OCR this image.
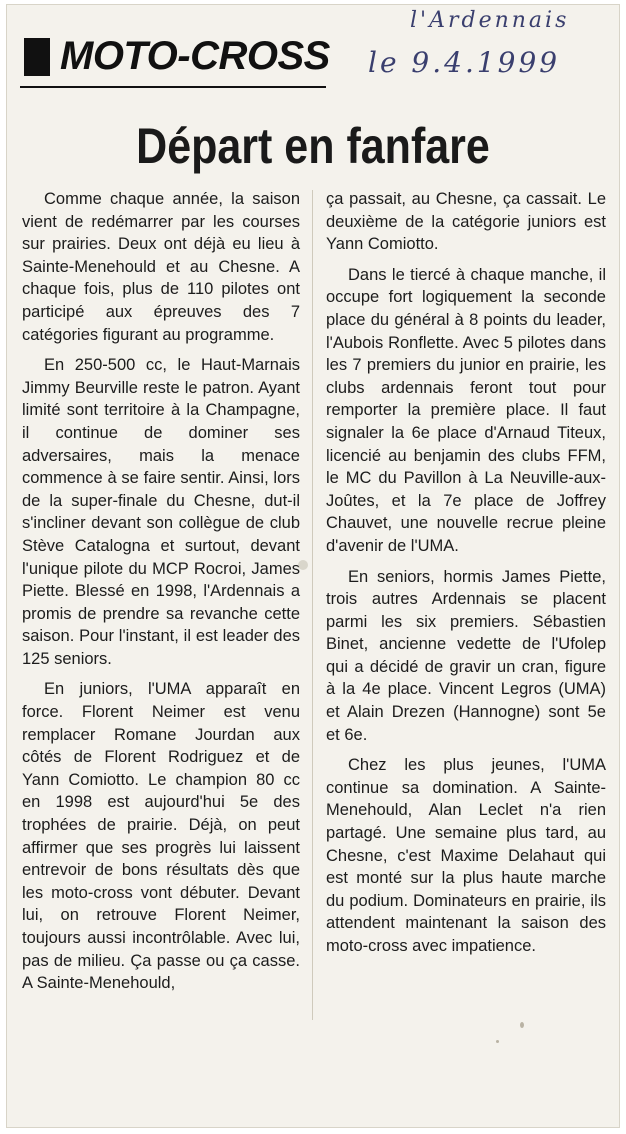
MOTO-CROSS
l'Ardennais
le 9.4.1999
Départ en fanfare

Comme chaque année, la saison vient de redémarrer par les courses sur prairies. Deux ont déjà eu lieu à Sainte-Menehould et au Chesne. A chaque fois, plus de 110 pilotes ont participé aux épreuves des 7 catégories figurant au programme.

En 250-500 cc, le Haut-Marnais Jimmy Beurville reste le patron. Ayant limité sont territoire à la Champagne, il continue de dominer ses adversaires, mais la menace commence à se faire sentir. Ainsi, lors de la super-finale du Chesne, dut-il s'incliner devant son collègue de club Stève Catalogna et surtout, devant l'unique pilote du MCP Rocroi, James Piette. Blessé en 1998, l'Ardennais a promis de prendre sa revanche cette saison. Pour l'instant, il est leader des 125 seniors.

En juniors, l'UMA apparaît en force. Florent Neimer est venu remplacer Romane Jourdan aux côtés de Florent Rodriguez et de Yann Comiotto. Le champion 80 cc en 1998 est aujourd'hui 5e des trophées de prairie. Déjà, on peut affirmer que ses progrès lui laissent entrevoir de bons résultats dès que les moto-cross vont débuter. Devant lui, on retrouve Florent Neimer, toujours aussi incontrôlable. Avec lui, pas de milieu. Ça passe ou ça casse. A Sainte-Menehould,

ça passait, au Chesne, ça cassait. Le deuxième de la catégorie juniors est Yann Comiotto.

Dans le tiercé à chaque manche, il occupe fort logiquement la seconde place du général à 8 points du leader, l'Aubois Ronflette. Avec 5 pilotes dans les 7 premiers du junior en prairie, les clubs ardennais feront tout pour remporter la première place. Il faut signaler la 6e place d'Arnaud Titeux, licencié au benjamin des clubs FFM, le MC du Pavillon à La Neuville-aux-Joûtes, et la 7e place de Joffrey Chauvet, une nouvelle recrue pleine d'avenir de l'UMA.

En seniors, hormis James Piette, trois autres Ardennais se placent parmi les six premiers. Sébastien Binet, ancienne vedette de l'Ufolep qui a décidé de gravir un cran, figure à la 4e place. Vincent Legros (UMA) et Alain Drezen (Hannogne) sont 5e et 6e.

Chez les plus jeunes, l'UMA continue sa domination. A Sainte-Menehould, Alan Leclet n'a rien partagé. Une semaine plus tard, au Chesne, c'est Maxime Delahaut qui est monté sur la plus haute marche du podium. Dominateurs en prairie, ils attendent maintenant la saison des moto-cross avec impatience.
